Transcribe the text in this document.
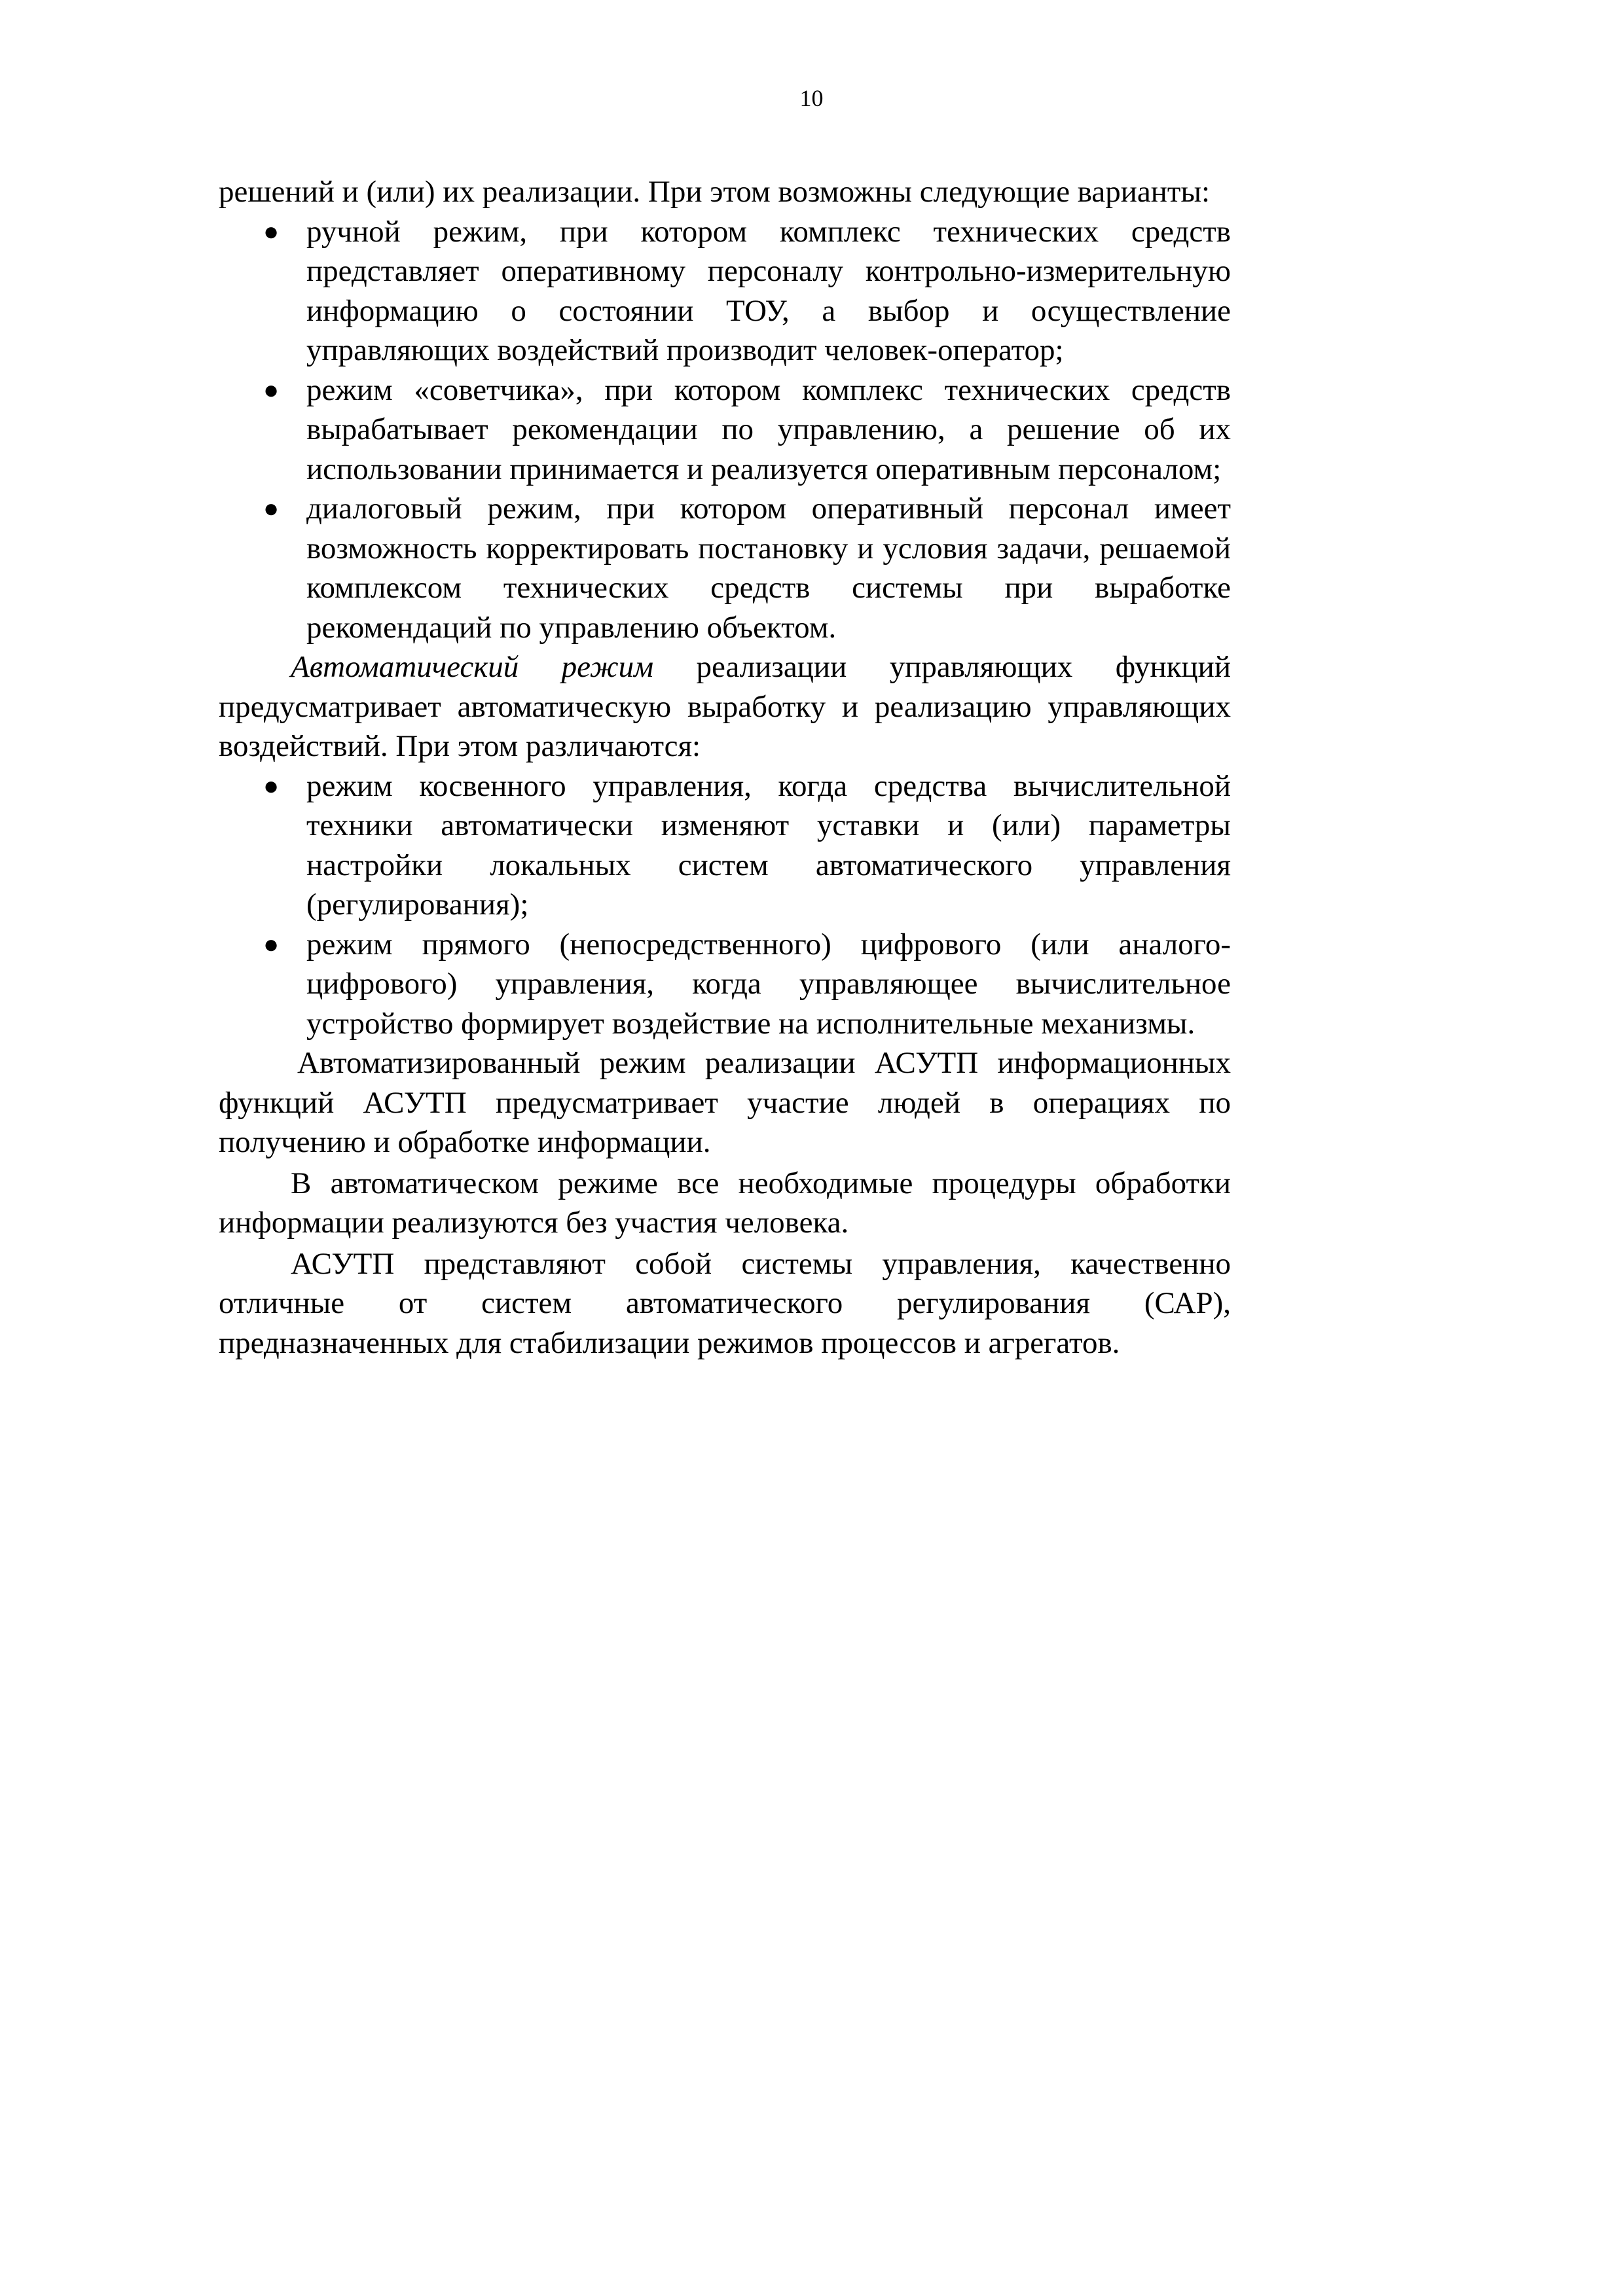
10

решений и (или) их реализации. При этом возможны следующие варианты:

● ручной режим, при котором комплекс технических средств представляет оперативному персоналу контрольно-измерительную информацию о состоянии ТОУ, а выбор и осуществление управляющих воздействий производит человек-оператор;
● режим «советчика», при котором комплекс технических средств вырабатывает рекомендации по управлению, а решение об их использовании принимается и реализуется оперативным персоналом;
● диалоговый режим, при котором оперативный персонал имеет возможность корректировать постановку и условия задачи, решаемой комплексом технических средств системы при выработке рекомендаций по управлению объектом.

Автоматический режим реализации управляющих функций предусматривает автоматическую выработку и реализацию управляющих воздействий. При этом различаются:

● режим косвенного управления, когда средства вычислительной техники автоматически изменяют уставки и (или) параметры настройки локальных систем автоматического управления (регулирования);
● режим прямого (непосредственного) цифрового (или аналого-цифрового) управления, когда управляющее вычислительное устройство формирует воздействие на исполнительные механизмы.

Автоматизированный режим реализации АСУТП информационных функций АСУТП предусматривает участие людей в операциях по получению и обработке информации.

В автоматическом режиме все необходимые процедуры обработки информации реализуются без участия человека.

АСУТП представляют собой системы управления, качественно отличные от систем автоматического регулирования (САР), предназначенных для стабилизации режимов процессов и агрегатов.
